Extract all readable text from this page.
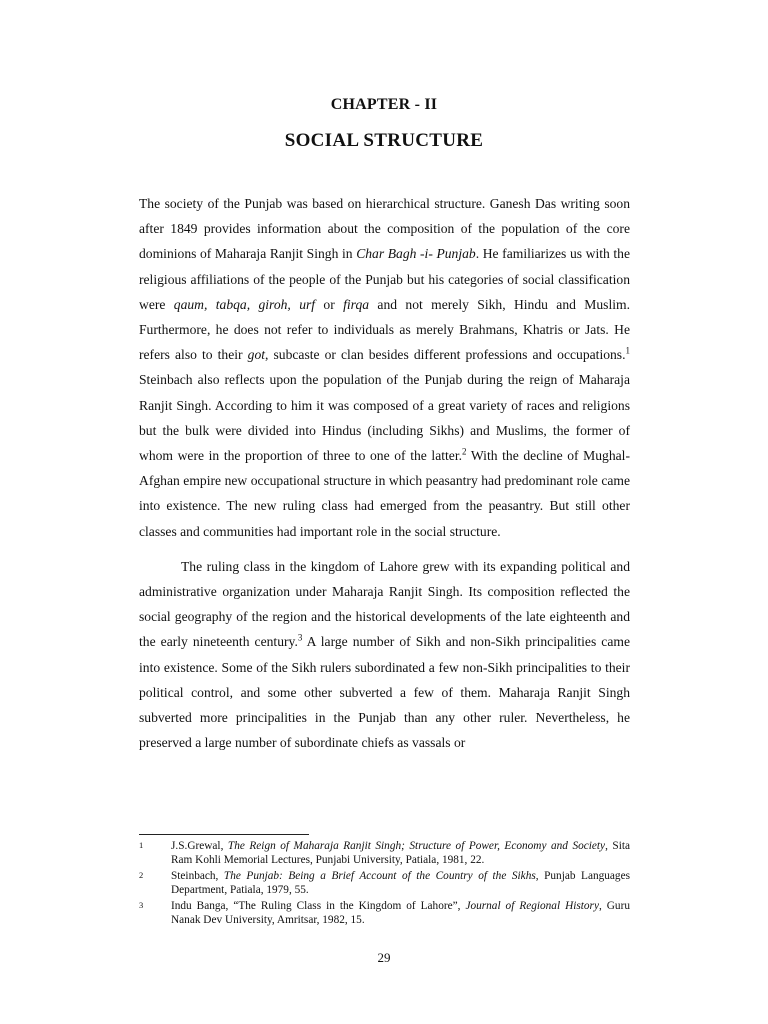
CHAPTER - II
SOCIAL STRUCTURE

The society of the Punjab was based on hierarchical structure. Ganesh Das writing soon after 1849 provides information about the composition of the population of the core dominions of Maharaja Ranjit Singh in Char Bagh -i- Punjab. He familiarizes us with the religious affiliations of the people of the Punjab but his categories of social classification were qaum, tabqa, giroh, urf or firqa and not merely Sikh, Hindu and Muslim. Furthermore, he does not refer to individuals as merely Brahmans, Khatris or Jats. He refers also to their got, subcaste or clan besides different professions and occupations.$^1$ Steinbach also reflects upon the population of the Punjab during the reign of Maharaja Ranjit Singh. According to him it was composed of a great variety of races and religions but the bulk were divided into Hindus (including Sikhs) and Muslims, the former of whom were in the proportion of three to one of the latter.$^2$ With the decline of Mughal-Afghan empire new occupational structure in which peasantry had predominant role came into existence. The new ruling class had emerged from the peasantry. But still other classes and communities had important role in the social structure.

The ruling class in the kingdom of Lahore grew with its expanding political and administrative organization under Maharaja Ranjit Singh. Its composition reflected the social geography of the region and the historical developments of the late eighteenth and the early nineteenth century.$^3$ A large number of Sikh and non-Sikh principalities came into existence. Some of the Sikh rulers subordinated a few non-Sikh principalities to their political control, and some other subverted a few of them. Maharaja Ranjit Singh subverted more principalities in the Punjab than any other ruler. Nevertheless, he preserved a large number of subordinate chiefs as vassals or

1	J.S.Grewal, The Reign of Maharaja Ranjit Singh; Structure of Power, Economy and Society, Sita Ram Kohli Memorial Lectures, Punjabi University, Patiala, 1981, 22.
2	Steinbach, The Punjab: Being a Brief Account of the Country of the Sikhs, Punjab Languages Department, Patiala, 1979, 55.
3	Indu Banga, “The Ruling Class in the Kingdom of Lahore”, Journal of Regional History, Guru Nanak Dev University, Amritsar, 1982, 15.
29
